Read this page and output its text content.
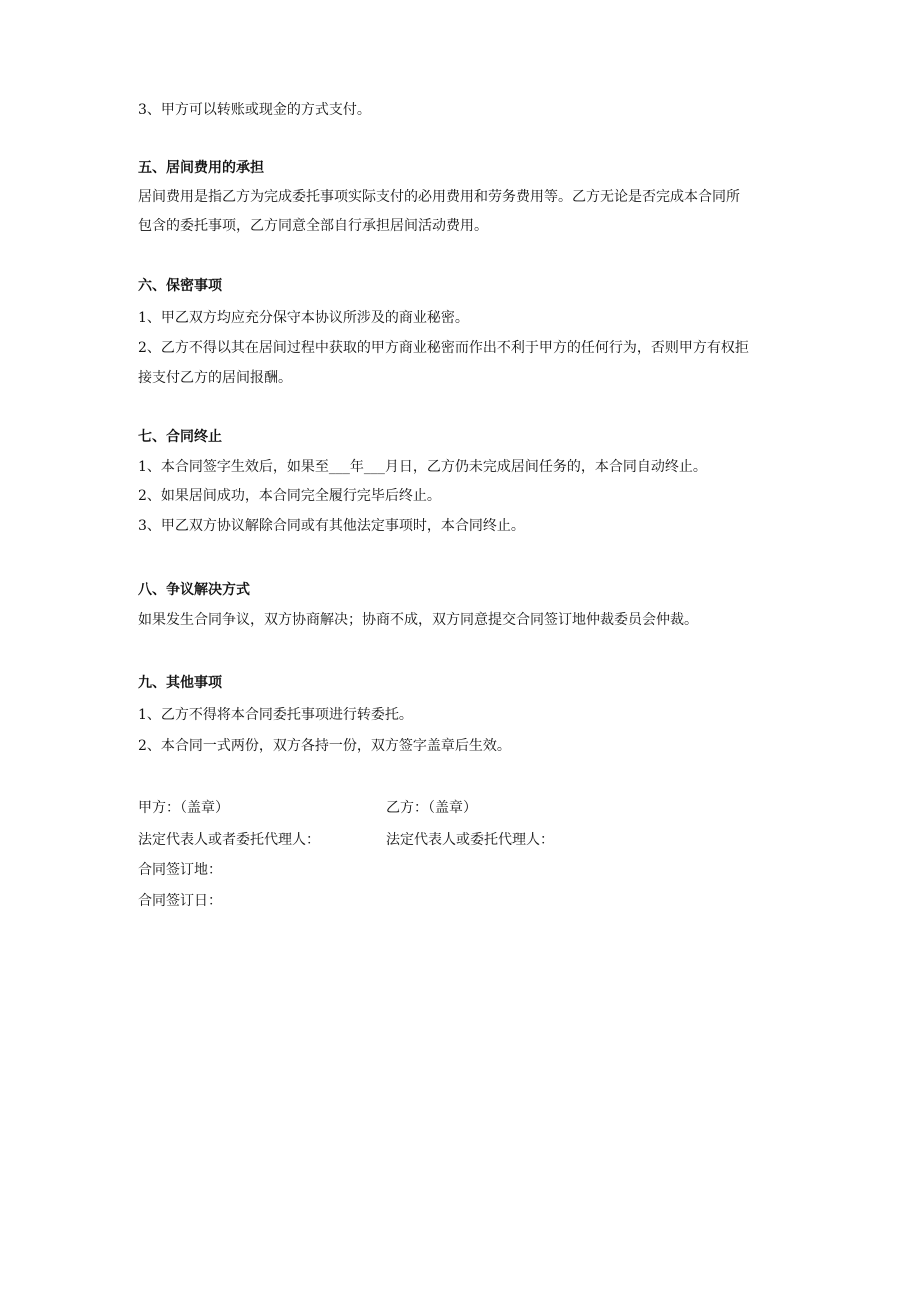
3、甲方可以转账或现金的方式支付。
五、居间费用的承担
居间费用是指乙方为完成委托事项实际支付的必用费用和劳务费用等。乙方无论是否完成本合同所
包含的委托事项，乙方同意全部自行承担居间活动费用。
六、保密事项
1、甲乙双方均应充分保守本协议所涉及的商业秘密。
2、乙方不得以其在居间过程中获取的甲方商业秘密而作出不利于甲方的任何行为，否则甲方有权拒
接支付乙方的居间报酬。
七、合同终止
1、本合同签字生效后，如果至___年___月日，乙方仍未完成居间任务的，本合同自动终止。
2、如果居间成功，本合同完全履行完毕后终止。
3、甲乙双方协议解除合同或有其他法定事项时，本合同终止。
八、争议解决方式
如果发生合同争议，双方协商解决；协商不成，双方同意提交合同签订地仲裁委员会仲裁。
九、其他事项
1、乙方不得将本合同委托事项进行转委托。
2、本合同一式两份，双方各持一份，双方签字盖章后生效。
甲方：（盖章）	乙方：（盖章）
法定代表人或者委托代理人：	法定代表人或委托代理人：
合同签订地：
合同签订日：
